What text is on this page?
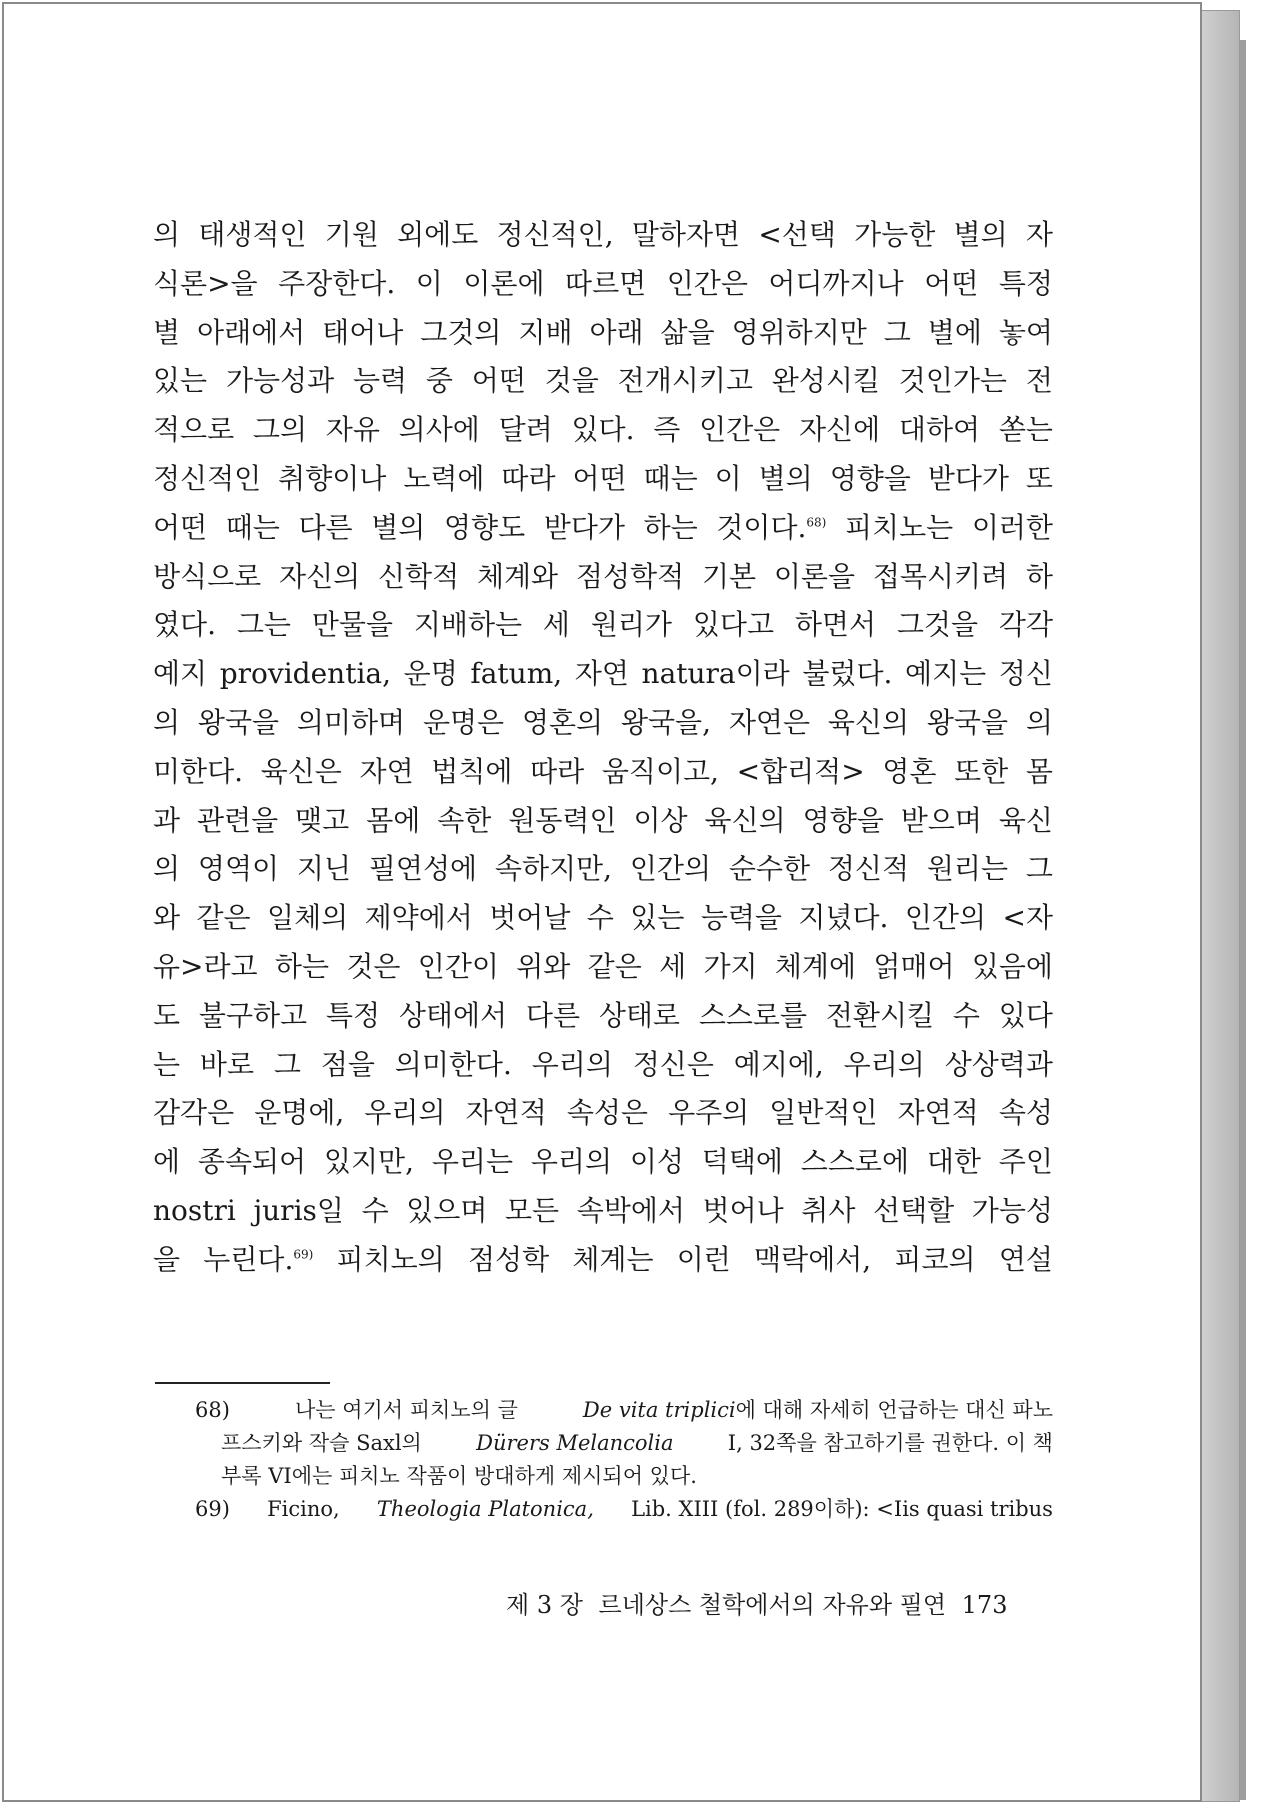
의 태생적인 기원 외에도 정신적인, 말하자면 <선택 가능한 별의 자
식론>을 주장한다. 이 이론에 따르면 인간은 어디까지나 어떤 특정
별 아래에서 태어나 그것의 지배 아래 삶을 영위하지만 그 별에 놓여
있는 가능성과 능력 중 어떤 것을 전개시키고 완성시킬 것인가는 전
적으로 그의 자유 의사에 달려 있다. 즉 인간은 자신에 대하여 쏟는
정신적인 취향이나 노력에 따라 어떤 때는 이 별의 영향을 받다가 또
어떤 때는 다른 별의 영향도 받다가 하는 것이다.$^{68)}$ 피치노는 이러한
방식으로 자신의 신학적 체계와 점성학적 기본 이론을 접목시키려 하
였다. 그는 만물을 지배하는 세 원리가 있다고 하면서 그것을 각각
예지 providentia, 운명 fatum, 자연 natura이라 불렀다. 예지는 정신
의 왕국을 의미하며 운명은 영혼의 왕국을, 자연은 육신의 왕국을 의
미한다. 육신은 자연 법칙에 따라 움직이고, <합리적> 영혼 또한 몸
과 관련을 맺고 몸에 속한 원동력인 이상 육신의 영향을 받으며 육신
의 영역이 지닌 필연성에 속하지만, 인간의 순수한 정신적 원리는 그
와 같은 일체의 제약에서 벗어날 수 있는 능력을 지녔다. 인간의 <자
유>라고 하는 것은 인간이 위와 같은 세 가지 체계에 얽매어 있음에
도 불구하고 특정 상태에서 다른 상태로 스스로를 전환시킬 수 있다
는 바로 그 점을 의미한다. 우리의 정신은 예지에, 우리의 상상력과
감각은 운명에, 우리의 자연적 속성은 우주의 일반적인 자연적 속성
에 종속되어 있지만, 우리는 우리의 이성 덕택에 스스로에 대한 주인
nostri juris일 수 있으며 모든 속박에서 벗어나 취사 선택할 가능성
을 누린다.$^{69)}$ 피치노의 점성학 체계는 이런 맥락에서, 피코의 연설
68)	나는 여기서 피치노의 글	De vita triplici에 대해 자세히 언급하는 대신 파노
프스키와 작슬 Saxl의	Dürers Melancolia	I, 32쪽을 참고하기를 권한다. 이 책
부록 VI에는 피치노 작품이 방대하게 제시되어 있다.
69) Ficino, Theologia Platonica, Lib. XIII (fol. 289이하): <Iis quasi tribus
제 3 장 르네상스 철학에서의 자유와 필연 173
